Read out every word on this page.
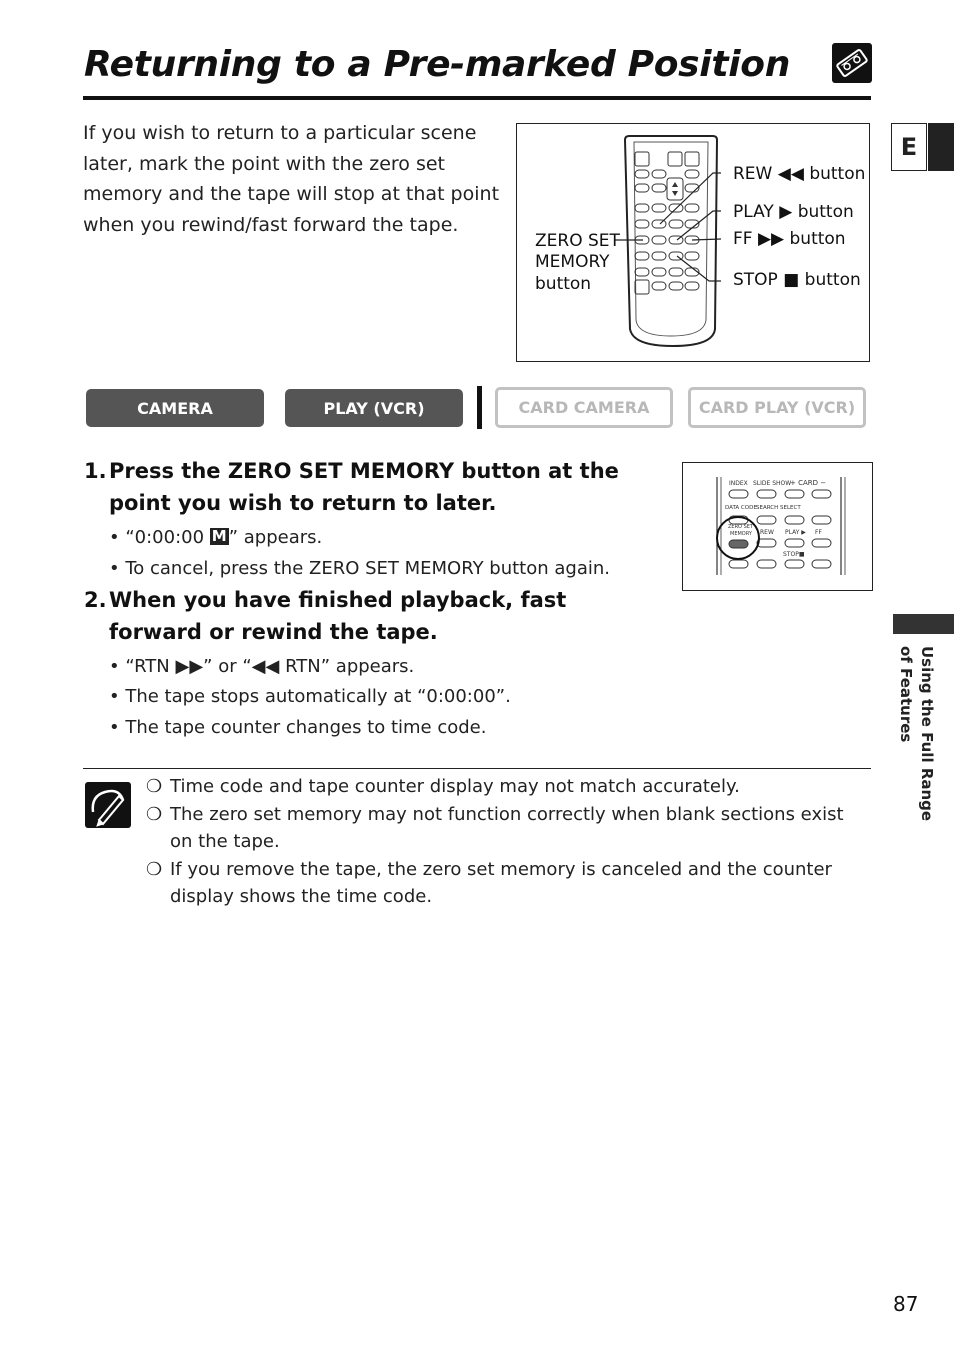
Returning to a Pre-marked Position
E
Using the Full Range of Features
If you wish to return to a particular scene later, mark the point with the zero set memory and the tape will stop at that point when you rewind/fast forward the tape.
ZERO SET
MEMORY
button
REW ◀◀ button
PLAY ▶ button
FF ▶▶ button
STOP ■ button
CAMERA	PLAY (VCR)	CARD CAMERA	CARD PLAY (VCR)
1. Press the ZERO SET MEMORY button at the point you wish to return to later.
• “0:00:00 M ” appears.
• To cancel, press the ZERO SET MEMORY button again.
INDEX SLIDE SHOW
+ CARD −
DATA CODE SEARCH SELECT
ZERO SET
MEMORY REW PLAY ▶ FF
STOP■
2. When you have finished playback, fast forward or rewind the tape.
• “RTN ▶▶” or “◀◀ RTN” appears.
• The tape stops automatically at “0:00:00”.
• The tape counter changes to time code.
❍ Time code and tape counter display may not match accurately.
❍ The zero set memory may not function correctly when blank sections exist on the tape.
❍ If you remove the tape, the zero set memory is canceled and the counter display shows the time code.
87
